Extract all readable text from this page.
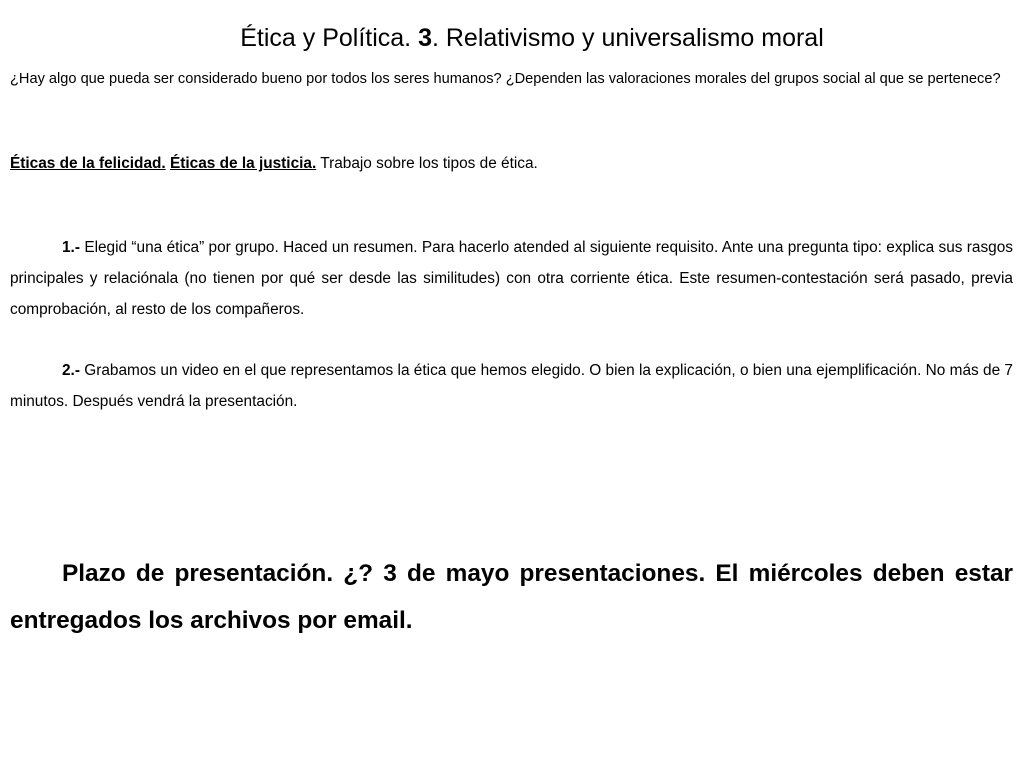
Ética y Política. 3. Relativismo y universalismo moral
¿Hay algo que pueda ser considerado bueno por todos los seres humanos? ¿Dependen las valoraciones morales del grupos social al que se pertenece?
Éticas de la felicidad. Éticas de la justicia. Trabajo sobre los tipos de ética.

1.- Elegid “una ética” por grupo. Haced un resumen. Para hacerlo atended al siguiente requisito. Ante una pregunta tipo: explica sus rasgos principales y relaciónala (no tienen por qué ser desde las similitudes) con otra corriente ética. Este resumen-contestación será pasado, previa comprobación, al resto de los compañeros.

2.- Grabamos un video en el que representamos la ética que hemos elegido. O bien la explicación, o bien una ejemplificación. No más de 7 minutos. Después vendrá la presentación.

Plazo de presentación. ¿? 3 de mayo presentaciones. El miércoles deben estar entregados los archivos por email.
